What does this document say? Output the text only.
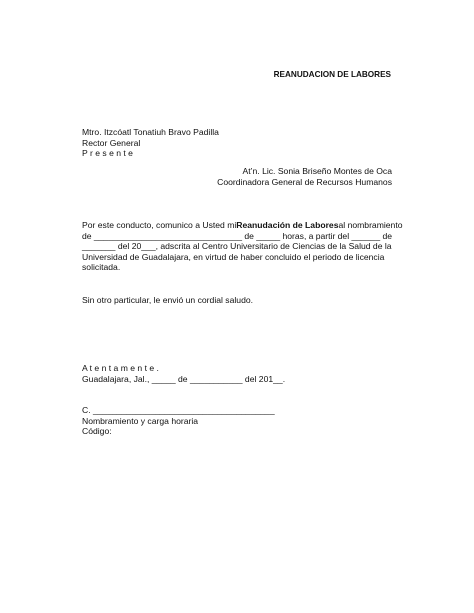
REANUDACION DE LABORES
Mtro. Itzcóatl Tonatiuh Bravo Padilla
Rector General
P r e s e n t e
At’n. Lic. Sonia Briseño Montes de Oca
Coordinadora General de Recursos Humanos
Por este conducto, comunico a Usted mi Reanudación de Labores al nombramiento
de _______________________________ de _____ horas, a partir del ______ de
_______ del 20___, adscrita al Centro Universitario de Ciencias de la Salud de la
Universidad de Guadalajara, en virtud de haber concluido el periodo de licencia
solicitada.
Sin otro particular, le envió un cordial saludo.
A t e n t a m e n t e .
Guadalajara, Jal., _____ de ___________ del 201__.
C. ______________________________________
Nombramiento y carga horaria
Código:
